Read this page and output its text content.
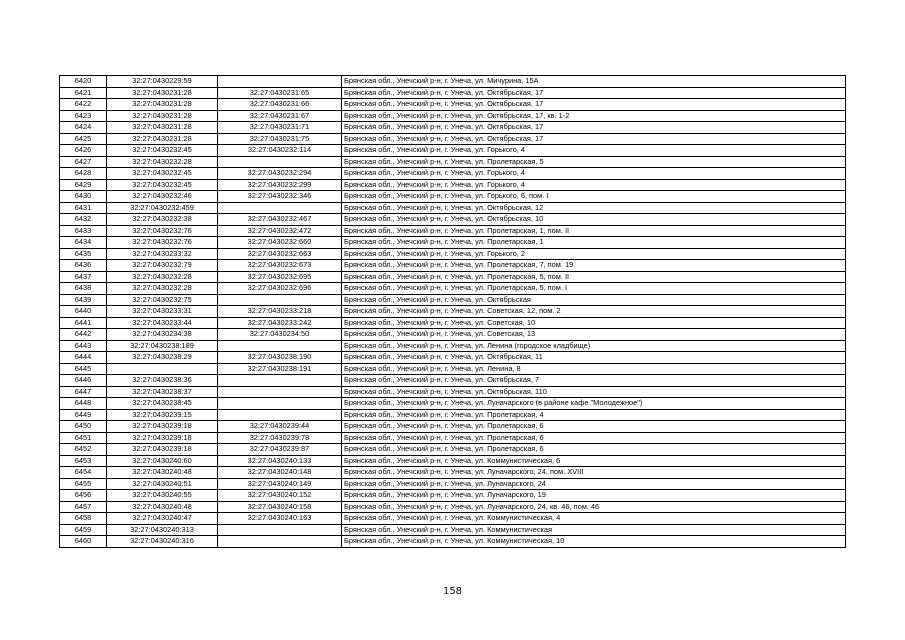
6420	32:27:0430229:59		Брянская обл., Унечский р-н, г. Унеча, ул. Мичурина, 15А
6421	32:27:0430231:28	32:27:0430231:65	Брянская обл., Унечский р-н, г. Унеча, ул. Октябрьская, 17
6422	32:27:0430231:28	32:27:0430231:66	Брянская обл., Унечский р-н, г. Унеча, ул. Октябрьская, 17
6423	32:27:0430231:28	32:27:0430231:67	Брянская обл., Унечский р-н, г. Унеча, ул. Октябрьская, 17, кв. 1-2
6424	32:27:0430231:28	32:27:0430231:71	Брянская обл., Унечский р-н, г. Унеча, ул. Октябрьская, 17
6425	32:27:0430231:28	32:27:0430231:75	Брянская обл., Унечский р-н, г. Унеча, ул. Октябрьская, 17
6426	32:27:0430232:45	32:27:0430232:114	Брянская обл., Унечский р-н, г. Унеча, ул. Горького, 4
6427	32:27:0430232:28		Брянская обл., Унечский р-н, г. Унеча, ул. Пролетарская, 5
6428	32:27:0430232:45	32:27:0430232:294	Брянская обл., Унечский р-н, г. Унеча, ул. Горького, 4
6429	32:27:0430232:45	32:27:0430232:299	Брянская обл., Унечский р-н, г. Унеча, ул. Горького, 4
6430	32:27:0430232:46	32:27:0430232:346	Брянская обл., Унечский р-н, г. Унеча, ул. Горького, 6, пом. I
6431	32:27:0430232:459		Брянская обл., Унечский р-н, г. Унеча, ул. Октябрьская, 12
6432	32:27:0430232:38	32:27:0430232:467	Брянская обл., Унечский р-н, г. Унеча, ул. Октябрьская, 10
6433	32:27:0430232:76	32:27:0430232:472	Брянская обл., Унечский р-н, г. Унеча, ул. Пролетарская, 1, пом. II
6434	32:27:0430232:76	32:27:0430232:660	Брянская обл., Унечский р-н, г. Унеча, ул. Пролетарская, 1
6435	32:27:0430233:32	32:27:0430232:663	Брянская обл., Унечский р-н, г. Унеча, ул. Горького, 2
6436	32:27:0430232:79	32:27:0430232:673	Брянская обл., Унечский р-н, г. Унеча, ул. Пролетарская, 7, пом. 19
6437	32:27:0430232:28	32:27:0430232:695	Брянская обл., Унечский р-н, г. Унеча, ул. Пролетарская, 5, пом. II
6438	32:27:0430232:28	32:27:0430232:696	Брянская обл., Унечский р-н, г. Унеча, ул. Пролетарская, 5, пом. I
6439	32:27:0430232:75		Брянская обл., Унечский р-н, г. Унеча, ул. Октябрьская
6440	32:27:0430233:31	32:27:0430233:218	Брянская обл., Унечский р-н, г. Унеча, ул. Советская, 12, пом. 2
6441	32:27:0430233:44	32:27:0430233:242	Брянская обл., Унечский р-н, г. Унеча, ул. Советская, 10
6442	32:27:0430234:38	32:27:0430234:50	Брянская обл., Унечский р-н, г. Унеча, ул. Советская, 13
6443	32:27:0430238:189		Брянская обл., Унечский р-н, г. Унеча, ул. Ленина (городское кладбище)
6444	32:27:0430238:29	32:27:0430238:190	Брянская обл., Унечский р-н, г. Унеча, ул. Октябрьская, 11
6445		32:27:0430238:191	Брянская обл., Унечский р-н, г. Унеча, ул. Ленина, 8
6446	32:27:0430238:36		Брянская обл., Унечский р-н, г. Унеча, ул. Октябрьская, 7
6447	32:27:0430238:37		Брянская обл., Унечский р-н, г. Унеча, ул. Октябрьская, 110
6448	32:27:0430238:45		Брянская обл., Унечский р-н, г. Унеча, ул. Луначарского (в районе кафе "Молодежное")
6449	32:27:0430239:15		Брянская обл., Унечский р-н, г. Унеча, ул. Пролетарская, 4
6450	32:27:0430239:18	32:27:0430239:44	Брянская обл., Унечский р-н, г. Унеча, ул. Пролетарская, 6
6451	32:27:0430239:18	32:27:0430239:78	Брянская обл., Унечский р-н, г. Унеча, ул. Пролетарская, 6
6452	32:27:0430239:18	32:27:0430239:87	Брянская обл., Унечский р-н, г. Унеча, ул. Пролетарская, 6
6453	32:27:0430240:60	32:27:0430240:133	Брянская обл., Унечский р-н, г. Унеча, ул. Коммунистическая, 6
6454	32:27:0430240:48	32:27:0430240:148	Брянская обл., Унечский р-н, г. Унеча, ул. Луначарского, 24, пом. XVIII
6455	32:27:0430240:51	32:27:0430240:149	Брянская обл., Унечский р-н, г. Унеча, ул. Луначарского, 24
6456	32:27:0430240:55	32:27:0430240:152	Брянская обл., Унечский р-н, г. Унеча, ул. Луначарского, 19
6457	32:27:0430240:48	32:27:0430240:158	Брянская обл., Унечский р-н, г. Унеча, ул. Луначарского, 24, кв. 46, пом. 46
6458	32:27:0430240:47	32:27:0430240:163	Брянская обл., Унечский р-н, г. Унеча, ул. Коммунистическая, 4
6459	32:27:0430240:313		Брянская обл., Унечский р-н, г. Унеча, ул. Коммунистическая
6460	32:27:0430240:316		Брянская обл., Унечский р-н, г. Унеча, ул. Коммунистическая, 10
158
